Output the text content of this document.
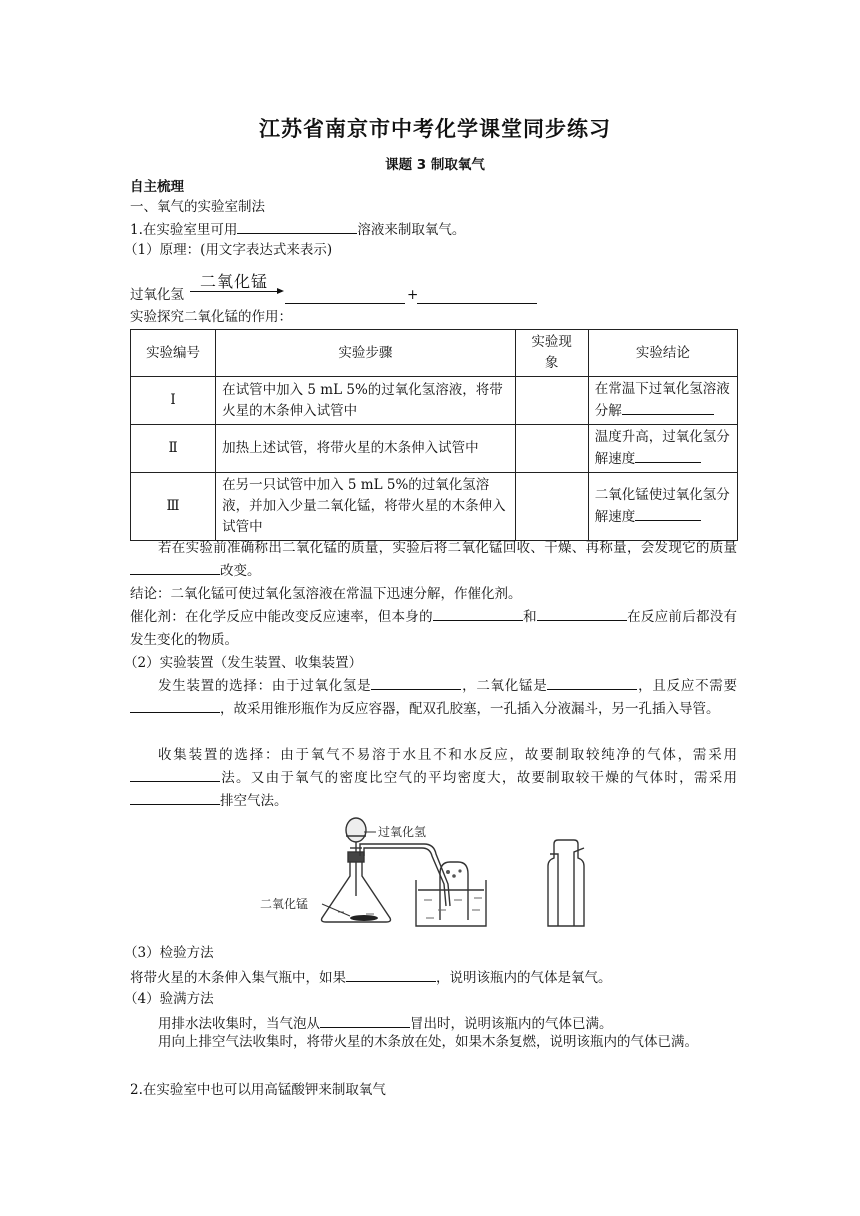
江苏省南京市中考化学课堂同步练习
课题 3 制取氧气
自主梳理
一、氧气的实验室制法
1.在实验室里可用	溶液来制取氧气。
（1）原理：(用文字表达式来表示)
二氧化锰
过氧化氢	+
实验探究二氧化锰的作用：
实验编号	实验步骤	实验现象	实验结论
Ⅰ	在试管中加入 5 mL 5%的过氧化氢溶液，将带火星的木条伸入试管中		在常温下过氧化氢溶液分解
Ⅱ	加热上述试管，将带火星的木条伸入试管中		温度升高，过氧化氢分解速度
Ⅲ	在另一只试管中加入 5 mL 5%的过氧化氢溶液，并加入少量二氧化锰，将带火星的木条伸入试管中		二氧化锰使过氧化氢分解速度
若在实验前准确称出二氧化锰的质量，实验后将二氧化锰回收、干燥、再称量，会发现它的质量改变。
结论：二氧化锰可使过氧化氢溶液在常温下迅速分解，作催化剂。
催化剂：在化学反应中能改变反应速率，但本身的	和	在反应前后都没有发生变化的物质。
（2）实验装置（发生装置、收集装置）
发生装置的选择：由于过氧化氢是	，二氧化锰是	，且反应不需要，故采用锥形瓶作为反应容器，配双孔胶塞，一孔插入分液漏斗，另一孔插入导管。
收集装置的选择：由于氧气不易溶于水且不和水反应，故要制取较纯净的气体，需采用法。又由于氧气的密度比空气的平均密度大，故要制取较干燥的气体时，需采用排空气法。
过氧化氢
二氧化锰
（3）检验方法
将带火星的木条伸入集气瓶中，如果	，说明该瓶内的气体是氧气。
（4）验满方法
用排水法收集时，当气泡从	冒出时，说明该瓶内的气体已满。
用向上排空气法收集时，将带火星的木条放在处，如果木条复燃，说明该瓶内的气体已满。
2.在实验室中也可以用高锰酸钾来制取氧气
